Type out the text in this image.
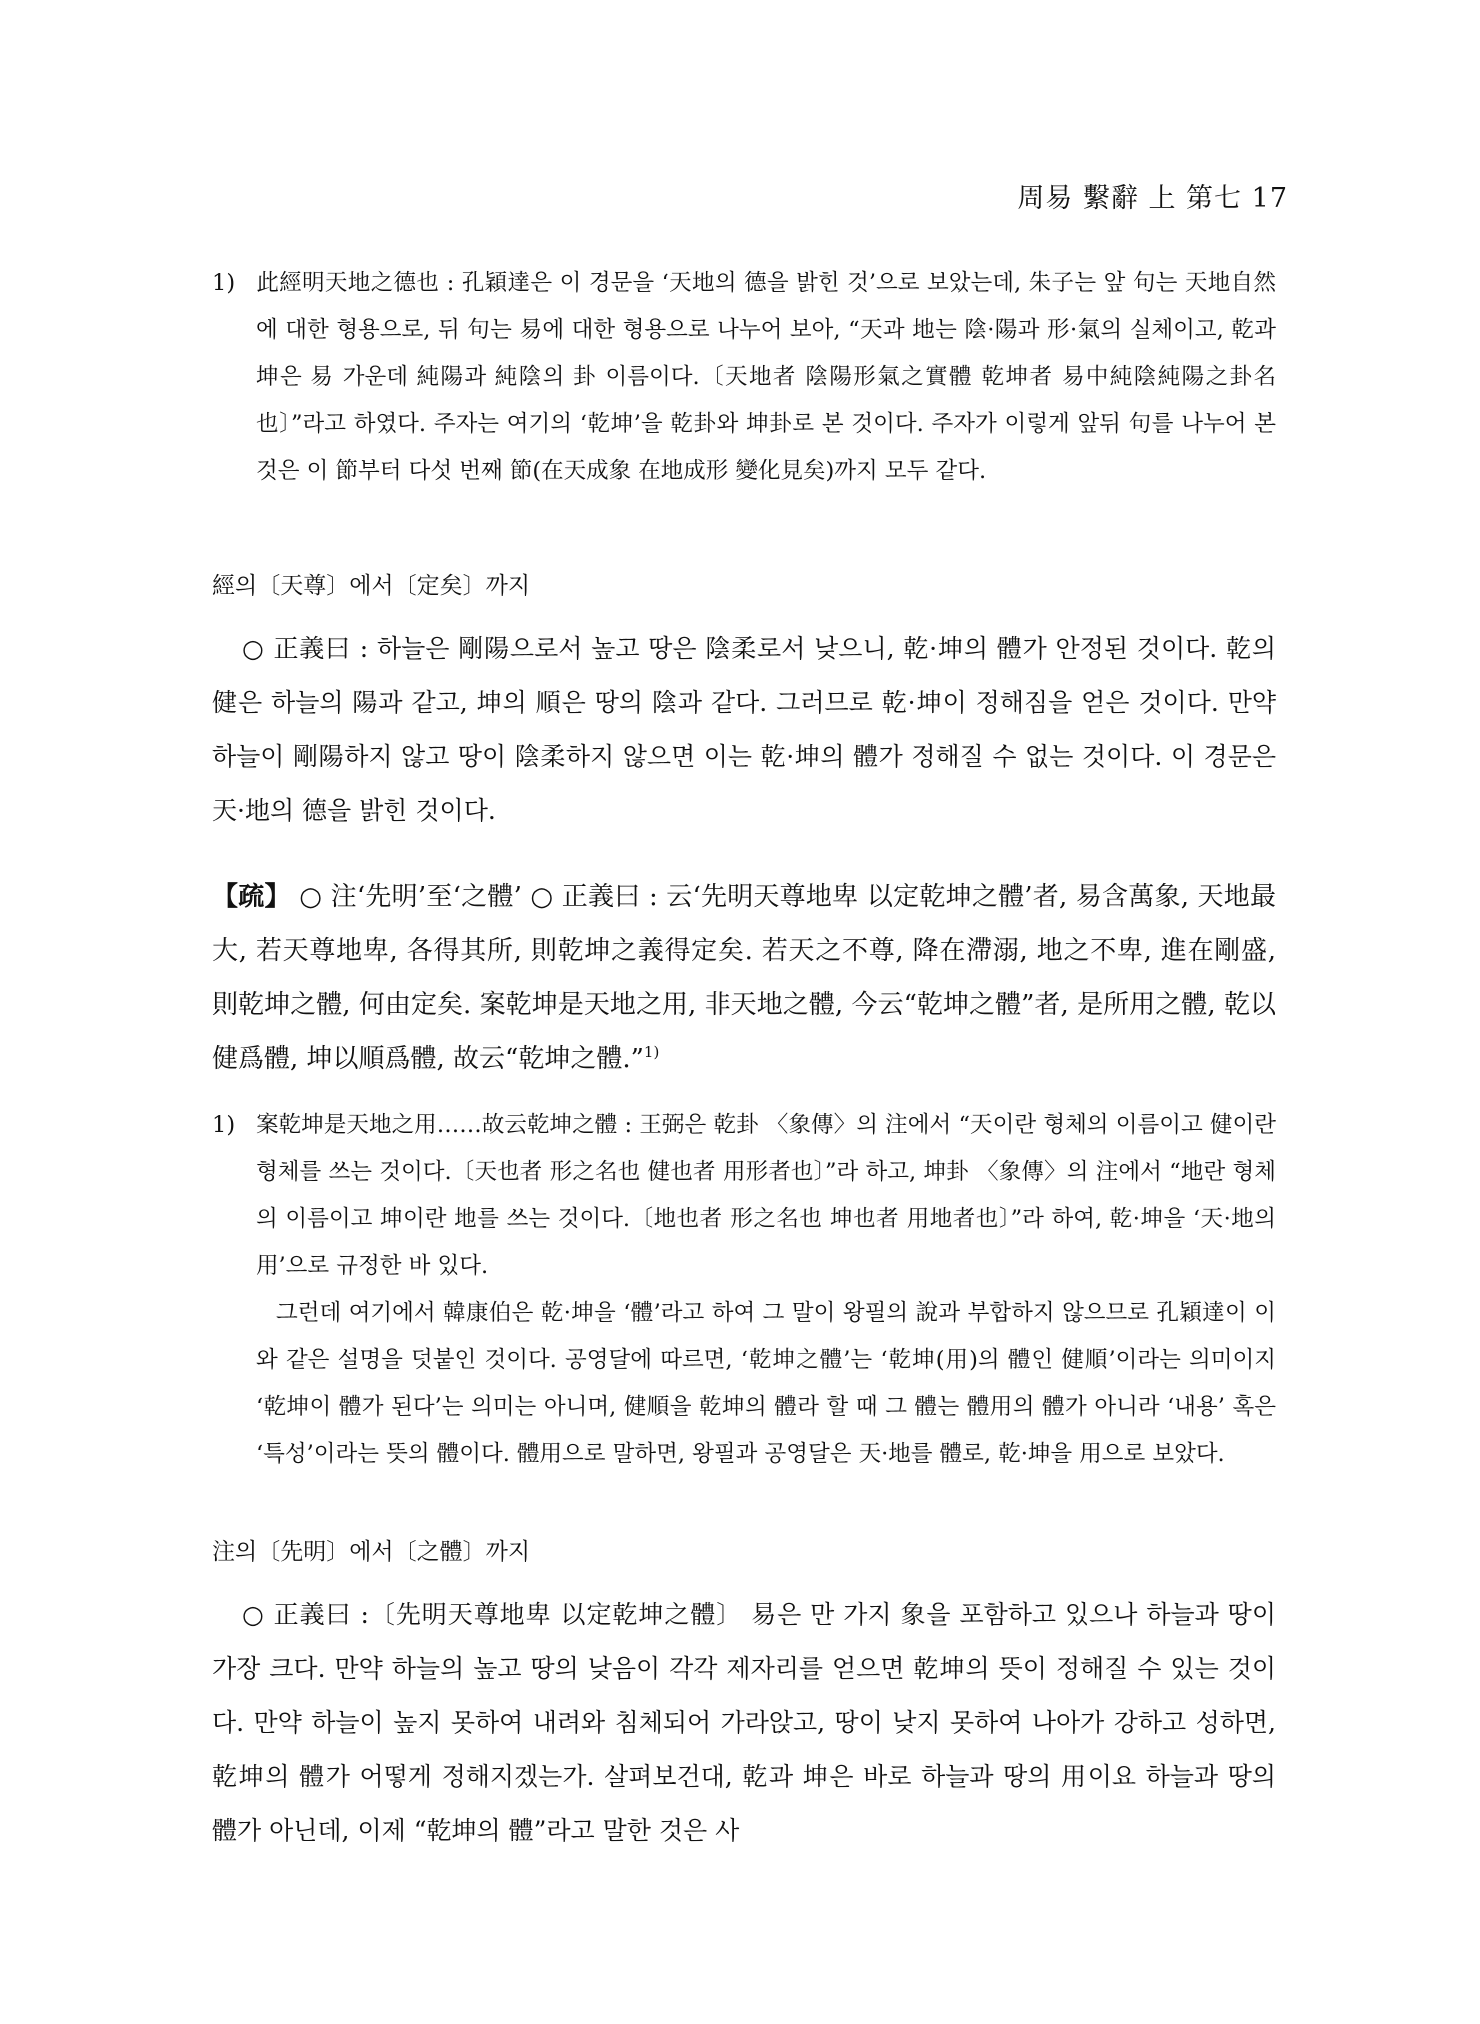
周易 繫辭 上 第七 17

1) 此經明天地之德也 : 孔穎達은 이 경문을 ‘天地의 德을 밝힌 것’으로 보았는데, 朱子는 앞 句는 天地自然에 대한 형용으로, 뒤 句는 易에 대한 형용으로 나누어 보아, “天과 地는 陰·陽과 形·氣의 실체이고, 乾과 坤은 易 가운데 純陽과 純陰의 卦 이름이다.〔天地者 陰陽形氣之實體 乾坤者 易中純陰純陽之卦名也〕”라고 하였다. 주자는 여기의 ‘乾坤’을 乾卦와 坤卦로 본 것이다. 주자가 이렇게 앞뒤 句를 나누어 본 것은 이 節부터 다섯 번째 節(在天成象 在地成形 變化見矣)까지 모두 같다.

經의〔天尊〕에서〔定矣〕까지

○ 正義曰 : 하늘은 剛陽으로서 높고 땅은 陰柔로서 낮으니, 乾·坤의 體가 안정된 것이다. 乾의 健은 하늘의 陽과 같고, 坤의 順은 땅의 陰과 같다. 그러므로 乾·坤이 정해짐을 얻은 것이다. 만약 하늘이 剛陽하지 않고 땅이 陰柔하지 않으면 이는 乾·坤의 體가 정해질 수 없는 것이다. 이 경문은 天·地의 德을 밝힌 것이다.

【疏】 ○ 注‘先明’至‘之體’ ○ 正義曰 : 云‘先明天尊地卑 以定乾坤之體’者, 易含萬象, 天地最大, 若天尊地卑, 各得其所, 則乾坤之義得定矣. 若天之不尊, 降在滯溺, 地之不卑, 進在剛盛, 則乾坤之體, 何由定矣. 案乾坤是天地之用, 非天地之體, 今云“乾坤之體”者, 是所用之體, 乾以健爲體, 坤以順爲體, 故云“乾坤之體.”$^{1)}$

1) 案乾坤是天地之用……故云乾坤之體 : 王弼은 乾卦 〈象傳〉의 注에서 “天이란 형체의 이름이고 健이란 형체를 쓰는 것이다.〔天也者 形之名也 健也者 用形者也〕”라 하고, 坤卦 〈象傳〉의 注에서 “地란 형체의 이름이고 坤이란 地를 쓰는 것이다.〔地也者 形之名也 坤也者 用地者也〕”라 하여, 乾·坤을 ‘天·地의 用’으로 규정한 바 있다.

그런데 여기에서 韓康伯은 乾·坤을 ‘體’라고 하여 그 말이 왕필의 說과 부합하지 않으므로 孔穎達이 이와 같은 설명을 덧붙인 것이다. 공영달에 따르면, ‘乾坤之體’는 ‘乾坤(用)의 體인 健順’이라는 의미이지 ‘乾坤이 體가 된다’는 의미는 아니며, 健順을 乾坤의 體라 할 때 그 體는 體用의 體가 아니라 ‘내용’ 혹은 ‘특성’이라는 뜻의 體이다. 體用으로 말하면, 왕필과 공영달은 天·地를 體로, 乾·坤을 用으로 보았다.

注의〔先明〕에서〔之體〕까지

○ 正義曰 :〔先明天尊地卑 以定乾坤之體〕 易은 만 가지 象을 포함하고 있으나 하늘과 땅이 가장 크다. 만약 하늘의 높고 땅의 낮음이 각각 제자리를 얻으면 乾坤의 뜻이 정해질 수 있는 것이다. 만약 하늘이 높지 못하여 내려와 침체되어 가라앉고, 땅이 낮지 못하여 나아가 강하고 성하면, 乾坤의 體가 어떻게 정해지겠는가. 살펴보건대, 乾과 坤은 바로 하늘과 땅의 用이요 하늘과 땅의 體가 아닌데, 이제 “乾坤의 體”라고 말한 것은 사
